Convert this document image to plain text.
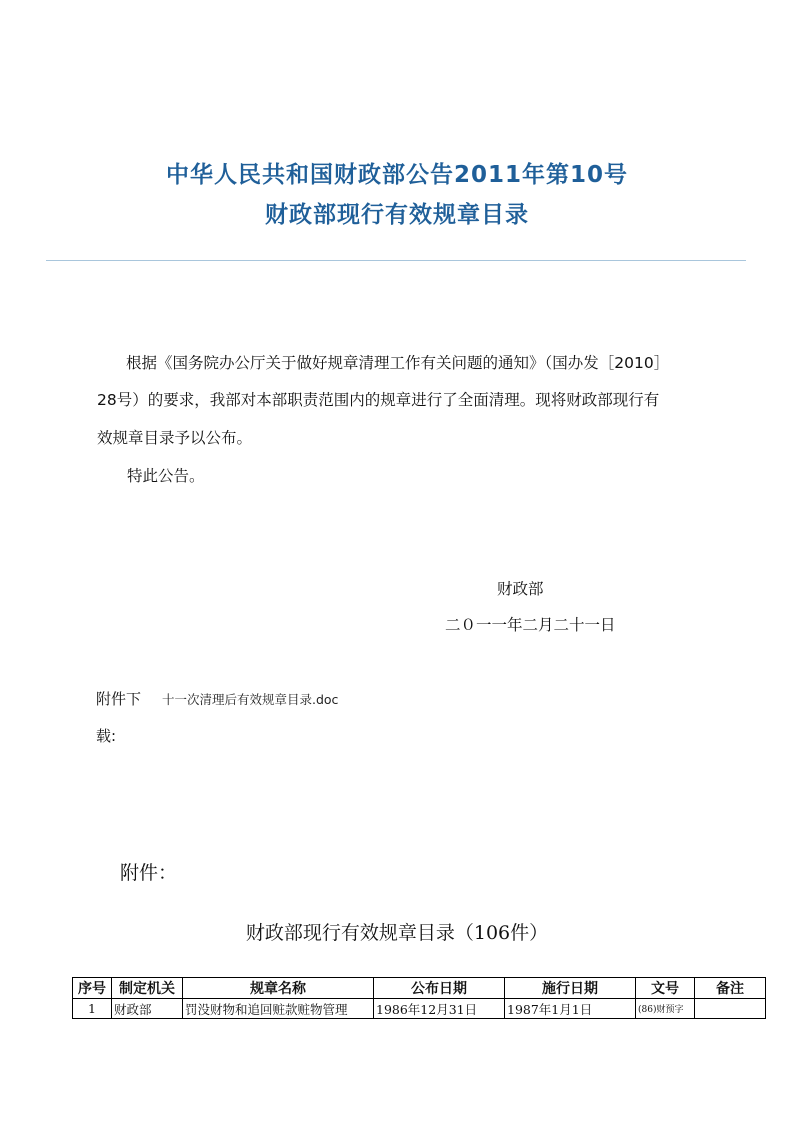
中华人民共和国财政部公告2011年第10号
财政部现行有效规章目录
根据《国务院办公厅关于做好规章清理工作有关问题的通知》（国办发［2010］
28号）的要求，我部对本部职责范围内的规章进行了全面清理。现将财政部现行有
效规章目录予以公布。
特此公告。
财政部
二０一一年二月二十一日
附件下 十一次清理后有效规章目录.doc
载:
附件：
财政部现行有效规章目录（106件）
序号	制定机关	规章名称	公布日期	施行日期	文号	备注
1	财政部	罚没财物和追回赃款赃物管理	1986年12月31日	1987年1月1日	(86)财预字	
